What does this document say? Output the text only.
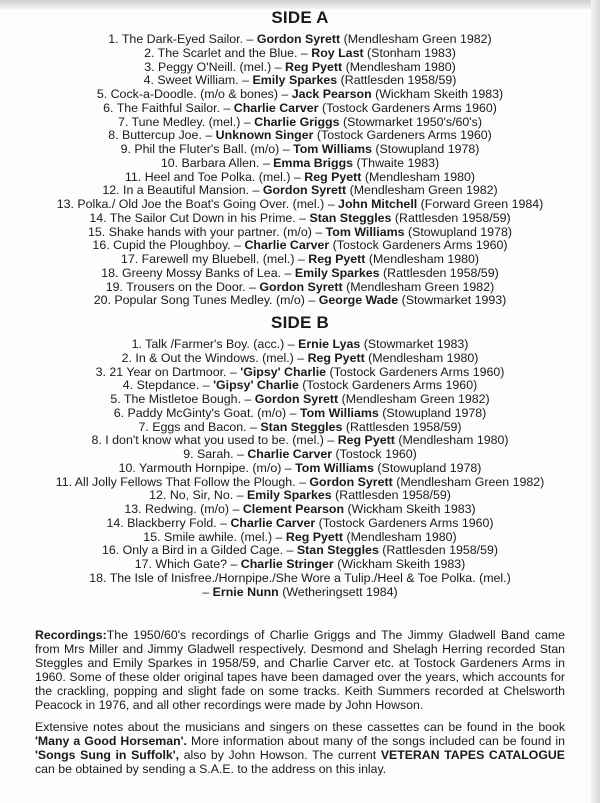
SIDE A
1. The Dark-Eyed Sailor. – Gordon Syrett (Mendlesham Green 1982)
2. The Scarlet and the Blue. – Roy Last (Stonham 1983)
3. Peggy O'Neill. (mel.) – Reg Pyett (Mendlesham 1980)
4. Sweet William. – Emily Sparkes (Rattlesden 1958/59)
5. Cock-a-Doodle. (m/o & bones) – Jack Pearson (Wickham Skeith 1983)
6. The Faithful Sailor. – Charlie Carver (Tostock Gardeners Arms 1960)
7. Tune Medley. (mel.) – Charlie Griggs (Stowmarket 1950's/60's)
8. Buttercup Joe. – Unknown Singer (Tostock Gardeners Arms 1960)
9. Phil the Fluter's Ball. (m/o) – Tom Williams (Stowupland 1978)
10. Barbara Allen. – Emma Briggs (Thwaite 1983)
11. Heel and Toe Polka. (mel.) – Reg Pyett (Mendlesham 1980)
12. In a Beautiful Mansion. – Gordon Syrett (Mendlesham Green 1982)
13. Polka./ Old Joe the Boat's Going Over. (mel.) – John Mitchell (Forward Green 1984)
14. The Sailor Cut Down in his Prime. – Stan Steggles (Rattlesden 1958/59)
15. Shake hands with your partner. (m/o) – Tom Williams (Stowupland 1978)
16. Cupid the Ploughboy. – Charlie Carver (Tostock Gardeners Arms 1960)
17. Farewell my Bluebell. (mel.) – Reg Pyett (Mendlesham 1980)
18. Greeny Mossy Banks of Lea. – Emily Sparkes (Rattlesden 1958/59)
19. Trousers on the Door. – Gordon Syrett (Mendlesham Green 1982)
20. Popular Song Tunes Medley. (m/o) – George Wade (Stowmarket 1993)
SIDE B
1. Talk /Farmer's Boy. (acc.) – Ernie Lyas (Stowmarket 1983)
2. In & Out the Windows. (mel.) – Reg Pyett (Mendlesham 1980)
3. 21 Year on Dartmoor. – 'Gipsy' Charlie (Tostock Gardeners Arms 1960)
4. Stepdance. – 'Gipsy' Charlie (Tostock Gardeners Arms 1960)
5. The Mistletoe Bough. – Gordon Syrett (Mendlesham Green 1982)
6. Paddy McGinty's Goat. (m/o) – Tom Williams (Stowupland 1978)
7. Eggs and Bacon. – Stan Steggles (Rattlesden 1958/59)
8. I don't know what you used to be. (mel.) – Reg Pyett (Mendlesham 1980)
9. Sarah. – Charlie Carver (Tostock 1960)
10. Yarmouth Hornpipe. (m/o) – Tom Williams (Stowupland 1978)
11. All Jolly Fellows That Follow the Plough. – Gordon Syrett (Mendlesham Green 1982)
12. No, Sir, No. – Emily Sparkes (Rattlesden 1958/59)
13. Redwing. (m/o) – Clement Pearson (Wickham Skeith 1983)
14. Blackberry Fold. – Charlie Carver (Tostock Gardeners Arms 1960)
15. Smile awhile. (mel.) – Reg Pyett (Mendlesham 1980)
16. Only a Bird in a Gilded Cage. – Stan Steggles (Rattlesden 1958/59)
17. Which Gate? – Charlie Stringer (Wickham Skeith 1983)
18. The Isle of Inisfree./Hornpipe./She Wore a Tulip./Heel & Toe Polka. (mel.)
– Ernie Nunn (Wetheringsett 1984)

Recordings:The 1950/60's recordings of Charlie Griggs and The Jimmy Gladwell Band came from Mrs Miller and Jimmy Gladwell respectively. Desmond and Shelagh Herring recorded Stan Steggles and Emily Sparkes in 1958/59, and Charlie Carver etc. at Tostock Gardeners Arms in 1960. Some of these older original tapes have been damaged over the years, which accounts for the crackling, popping and slight fade on some tracks. Keith Summers recorded at Chelsworth Peacock in 1976, and all other recordings were made by John Howson.

Extensive notes about the musicians and singers on these cassettes can be found in the book 'Many a Good Horseman'. More information about many of the songs included can be found in 'Songs Sung in Suffolk', also by John Howson. The current VETERAN TAPES CATALOGUE can be obtained by sending a S.A.E. to the address on this inlay.
